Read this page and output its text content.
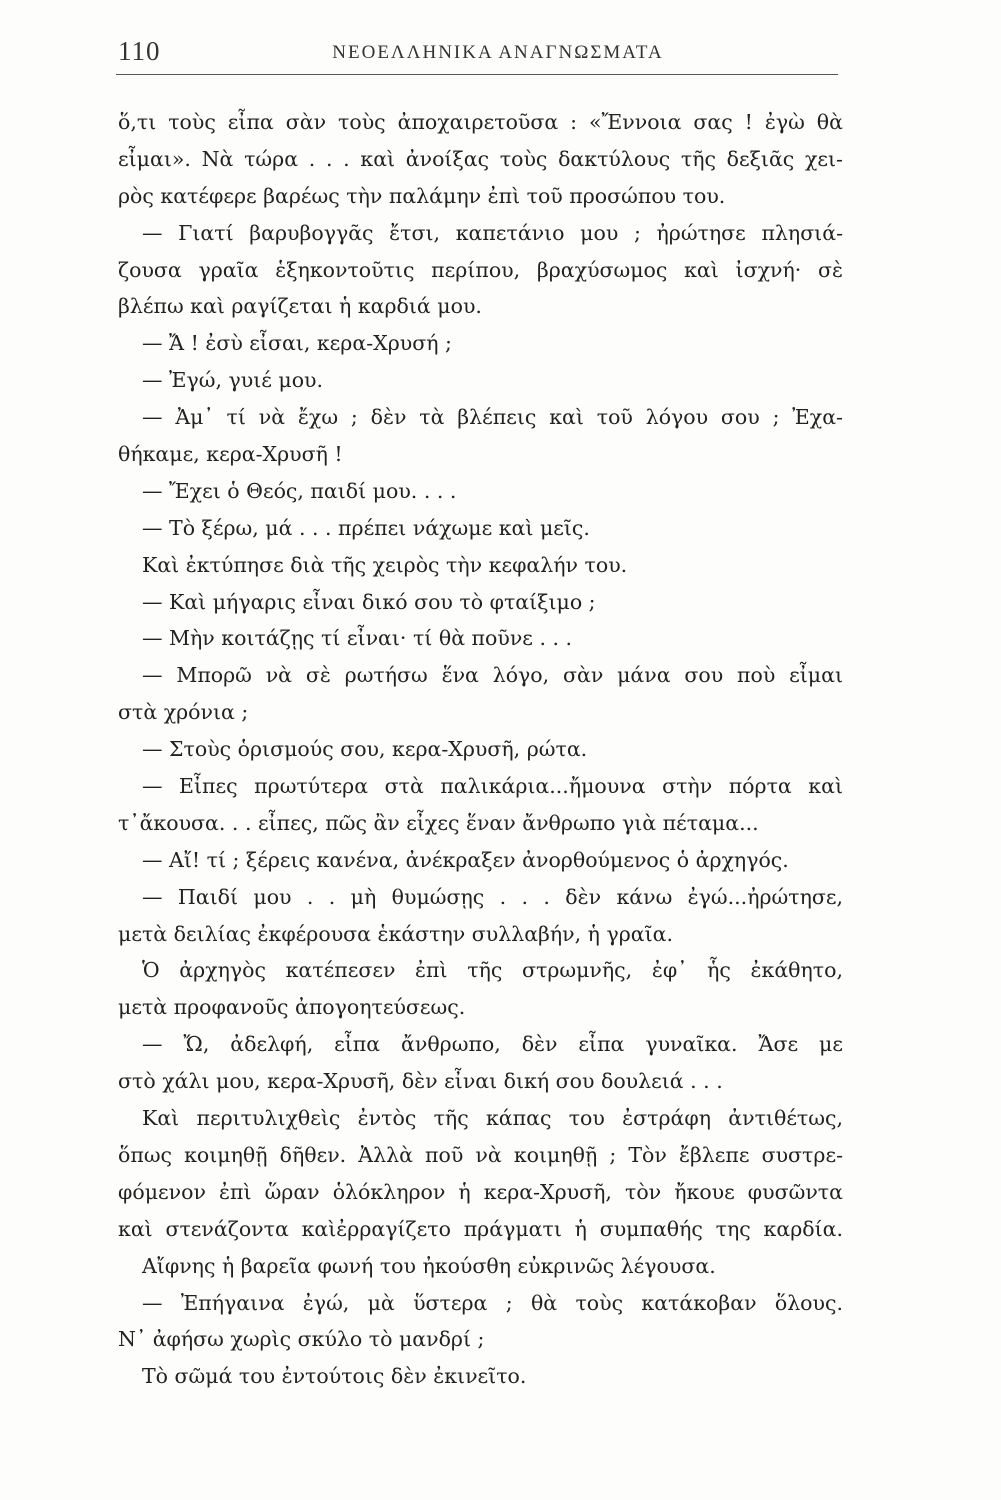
110	ΝΕΟΕΛΛΗΝΙΚΑ ΑΝΑΓΝΩΣΜΑΤΑ
ὅ,τι τοὺς εἶπα σὰν τοὺς ἀποχαιρετοῦσα : «Ἔννοια σας ! ἐγὼ θὰ
εἶμαι». Νὰ τώρα . . . καὶ ἀνοίξας τοὺς δακτύλους τῆς δεξιᾶς χει-
ρὸς κατέφερε βαρέως τὴν παλάμην ἐπὶ τοῦ προσώπου του.
— Γιατί βαρυβογγᾶς ἔτσι, καπετάνιο μου ; ἠρώτησε πλησιά-
ζουσα γραῖα ἑξηκοντοῦτις περίπου, βραχύσωμος καὶ ἰσχνή· σὲ
βλέπω καὶ ραγίζεται ἡ καρδιά μου.
— Ἄ ! ἐσὺ εἶσαι, κερα-Χρυσή ;
— Ἐγώ, γυιέ μου.
— Ἀμ᾽ τί νὰ ἔχω ; δὲν τὰ βλέπεις καὶ τοῦ λόγου σου ; Ἐχα-
θήκαμε, κερα-Χρυσῆ !
— Ἔχει ὁ Θεός, παιδί μου. . . .
— Τὸ ξέρω, μά . . . πρέπει νάχωμε καὶ μεῖς.
Καὶ ἐκτύπησε διὰ τῆς χειρὸς τὴν κεφαλήν του.
— Καὶ μήγαρις εἶναι δικό σου τὸ φταίξιμο ;
— Μὴν κοιτάζῃς τί εἶναι· τί θὰ ποῦνε . . .
— Μπορῶ νὰ σὲ ρωτήσω ἕνα λόγο, σὰν μάνα σου ποὺ εἶμαι
στὰ χρόνια ;
— Στοὺς ὁρισμούς σου, κερα-Χρυσῆ, ρώτα.
— Εἶπες πρωτύτερα στὰ παλικάρια...ἤμουνα στὴν πόρτα καὶ
τ᾽ἄκουσα. . . εἶπες, πῶς ἂν εἶχες ἕναν ἄνθρωπο γιὰ πέταμα...
— Αἴ! τί ; ξέρεις κανένα, ἀνέκραξεν ἀνορθούμενος ὁ ἀρχηγός.
— Παιδί μου . . μὴ θυμώσῃς . . . δὲν κάνω ἐγώ...ἠρώτησε,
μετὰ δειλίας ἐκφέρουσα ἑκάστην συλλαβήν, ἡ γραῖα.
Ὁ ἀρχηγὸς κατέπεσεν ἐπὶ τῆς στρωμνῆς, ἐφ᾽ ἧς ἐκάθητο,
μετὰ προφανοῦς ἀπογοητεύσεως.
— Ὤ, ἀδελφή, εἶπα ἄνθρωπο, δὲν εἶπα γυναῖκα. Ἄσε με
στὸ χάλι μου, κερα-Χρυσῆ, δὲν εἶναι δική σου δουλειά . . .
Καὶ περιτυλιχθεὶς ἐντὸς τῆς κάπας του ἐστράφη ἀντιθέτως,
ὅπως κοιμηθῇ δῆθεν. Ἀλλὰ ποῦ νὰ κοιμηθῇ ; Τὸν ἔβλεπε συστρε-
φόμενον ἐπὶ ὥραν ὁλόκληρον ἡ κερα-Χρυσῆ, τὸν ἤκουε φυσῶντα
καὶ στενάζοντα καὶἐρραγίζετο πράγματι ἡ συμπαθής της καρδία.
Αἴφνης ἡ βαρεῖα φωνή του ἠκούσθη εὐκρινῶς λέγουσα.
— Ἐπήγαινα ἐγώ, μὰ ὕστερα ; θὰ τοὺς κατάκοβαν ὅλους.
Ν᾽ ἀφήσω χωρὶς σκύλο τὸ μανδρί ;
Τὸ σῶμά του ἐντούτοις δὲν ἐκινεῖτο.
